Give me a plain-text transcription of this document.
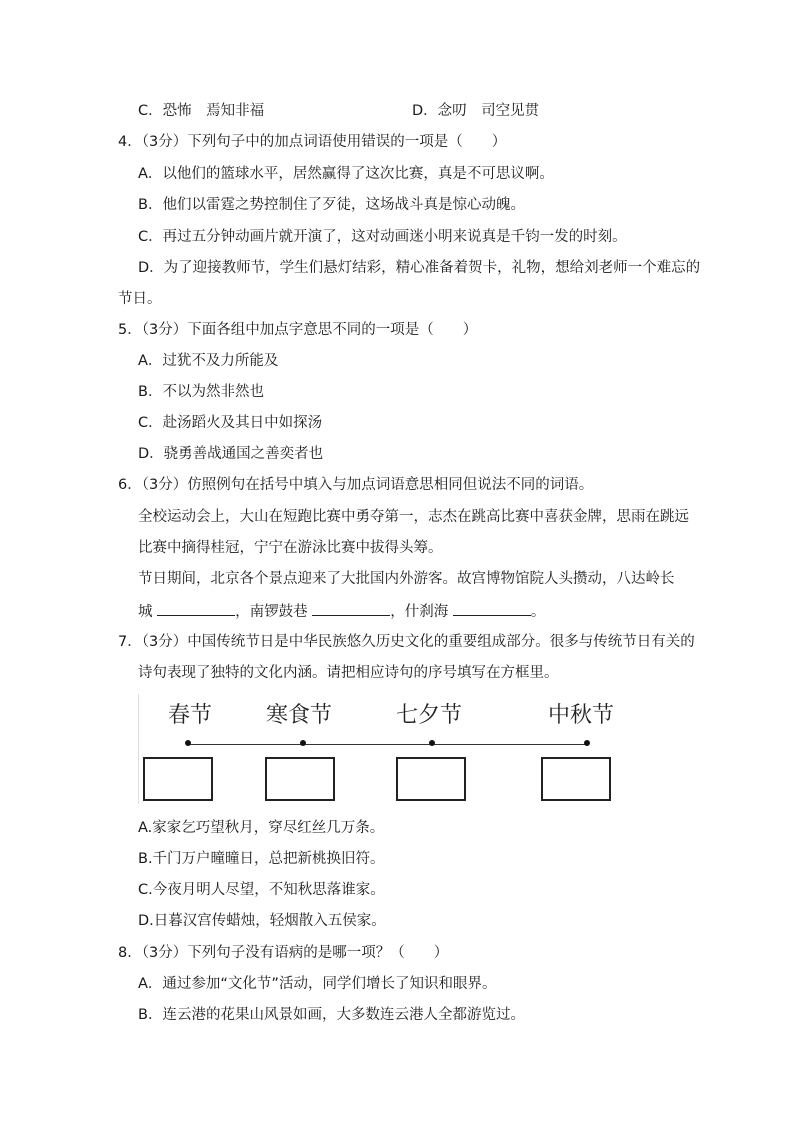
C．恐怖　焉知非福	D．念叨　司空见贯
4．（3分）下列句子中的加点词语使用错误的一项是（　　）
A．以他们的篮球水平，居然赢得了这次比赛，真是不可思议啊。
B．他们以雷霆之势控制住了歹徒，这场战斗真是惊心动魄。
C．再过五分钟动画片就开演了，这对动画迷小明来说真是千钧一发的时刻。
D．为了迎接教师节，学生们悬灯结彩，精心准备着贺卡，礼物，想给刘老师一个难忘的
节日。
5．（3分）下面各组中加点字意思不同的一项是（　　）
A．过犹不及力所能及
B．不以为然非然也
C．赴汤蹈火及其日中如探汤
D．骁勇善战通国之善奕者也
6．（3分）仿照例句在括号中填入与加点词语意思相同但说法不同的词语。
全校运动会上，大山在短跑比赛中勇夺第一，志杰在跳高比赛中喜获金牌，思雨在跳远
比赛中摘得桂冠，宁宁在游泳比赛中拔得头筹。
节日期间，北京各个景点迎来了大批国内外游客。故宫博物馆院人头攒动，八达岭长
城	，南锣鼓巷	，什刹海	。
7．（3分）中国传统节日是中华民族悠久历史文化的重要组成部分。很多与传统节日有关的
诗句表现了独特的文化内涵。请把相应诗句的序号填写在方框里。
春节 寒食节	七夕节	中秋节
A.家家乞巧望秋月，穿尽红丝几万条。
B.千门万户曈曈日，总把新桃换旧符。
C.今夜月明人尽望，不知秋思落谁家。
D.日暮汉宫传蜡烛，轻烟散入五侯家。
8．（3分）下列句子没有语病的是哪一项？（　　）
A．通过参加“文化节”活动，同学们增长了知识和眼界。
B．连云港的花果山风景如画，大多数连云港人全都游览过。
